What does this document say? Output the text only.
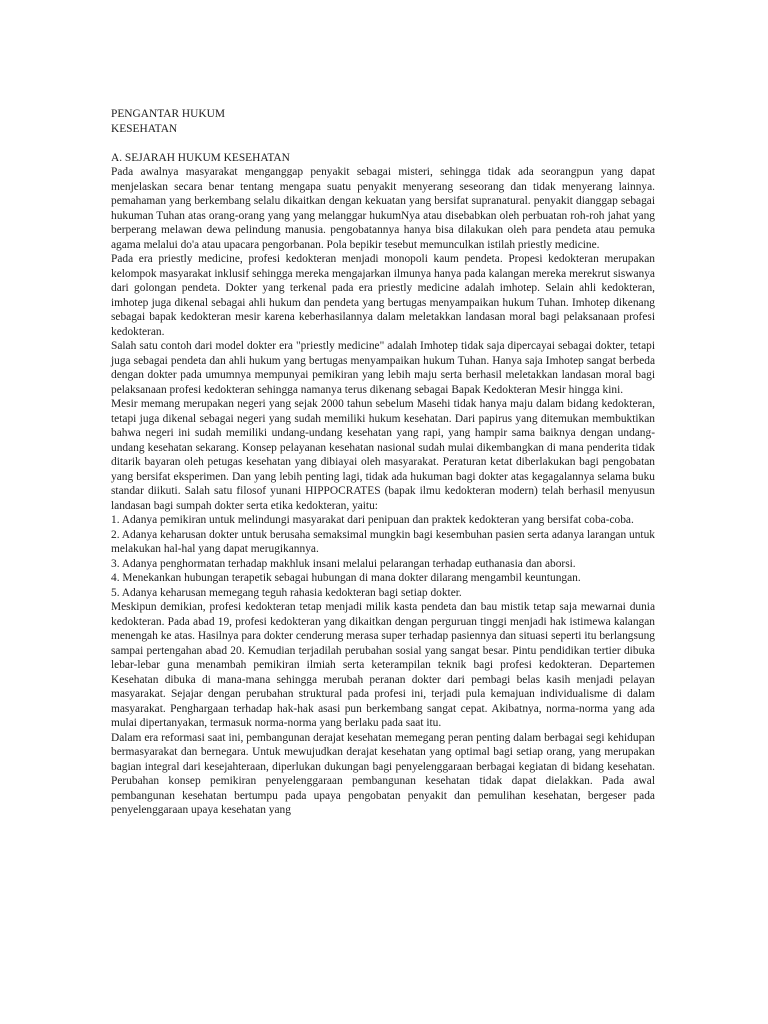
PENGANTAR HUKUM
KESEHATAN
A. SEJARAH HUKUM KESEHATAN

Pada awalnya masyarakat menganggap penyakit sebagai misteri, sehingga tidak ada seorangpun yang dapat menjelaskan secara benar tentang mengapa suatu penyakit menyerang seseorang dan tidak menyerang lainnya. pemahaman yang berkembang selalu dikaitkan dengan kekuatan yang bersifat supranatural. penyakit dianggap sebagai hukuman Tuhan atas orang-orang yang yang melanggar hukumNya atau disebabkan oleh perbuatan roh-roh jahat yang berperang melawan dewa pelindung manusia. pengobatannya hanya bisa dilakukan oleh para pendeta atau pemuka agama melalui do'a atau upacara pengorbanan. Pola bepikir tesebut memunculkan istilah priestly medicine.

Pada era priestly medicine, profesi kedokteran menjadi monopoli kaum pendeta. Propesi kedokteran merupakan kelompok masyarakat inklusif sehingga mereka mengajarkan ilmunya hanya pada kalangan mereka merekrut siswanya dari golongan pendeta. Dokter yang terkenal pada era priestly medicine adalah imhotep. Selain ahli kedokteran, imhotep juga dikenal sebagai ahli hukum dan pendeta yang bertugas menyampaikan hukum Tuhan. Imhotep dikenang sebagai bapak kedokteran mesir karena keberhasilannya dalam meletakkan landasan moral bagi pelaksanaan profesi kedokteran.

Salah satu contoh dari model dokter era "priestly medicine" adalah Imhotep tidak saja dipercayai sebagai dokter, tetapi juga sebagai pendeta dan ahli hukum yang bertugas menyampaikan hukum Tuhan. Hanya saja Imhotep sangat berbeda dengan dokter pada umumnya mempunyai pemikiran yang lebih maju serta berhasil meletakkan landasan moral bagi pelaksanaan profesi kedokteran sehingga namanya terus dikenang sebagai Bapak Kedokteran Mesir hingga kini.

Mesir memang merupakan negeri yang sejak 2000 tahun sebelum Masehi tidak hanya maju dalam bidang kedokteran, tetapi juga dikenal sebagai negeri yang sudah memiliki hukum kesehatan. Dari papirus yang ditemukan membuktikan bahwa negeri ini sudah memiliki undang-undang kesehatan yang rapi, yang hampir sama baiknya dengan undang-undang kesehatan sekarang. Konsep pelayanan kesehatan nasional sudah mulai dikembangkan di mana penderita tidak ditarik bayaran oleh petugas kesehatan yang dibiayai oleh masyarakat. Peraturan ketat diberlakukan bagi pengobatan yang bersifat eksperimen. Dan yang lebih penting lagi, tidak ada hukuman bagi dokter atas kegagalannya selama buku standar diikuti. Salah satu filosof yunani HIPPOCRATES (bapak ilmu kedokteran modern) telah berhasil menyusun landasan bagi sumpah dokter serta etika kedokteran, yaitu:

1. Adanya pemikiran untuk melindungi masyarakat dari penipuan dan praktek kedokteran yang bersifat coba-coba.

2. Adanya keharusan dokter untuk berusaha semaksimal mungkin bagi kesembuhan pasien serta adanya larangan untuk melakukan hal-hal yang dapat merugikannya.

3. Adanya penghormatan terhadap makhluk insani melalui pelarangan terhadap euthanasia dan aborsi.

4. Menekankan hubungan terapetik sebagai hubungan di mana dokter dilarang mengambil keuntungan.

5. Adanya keharusan memegang teguh rahasia kedokteran bagi setiap dokter.

Meskipun demikian, profesi kedokteran tetap menjadi milik kasta pendeta dan bau mistik tetap saja mewarnai dunia kedokteran. Pada abad 19, profesi kedokteran yang dikaitkan dengan perguruan tinggi menjadi hak istimewa kalangan menengah ke atas. Hasilnya para dokter cenderung merasa super terhadap pasiennya dan situasi seperti itu berlangsung sampai pertengahan abad 20. Kemudian terjadilah perubahan sosial yang sangat besar. Pintu pendidikan tertier dibuka lebar-lebar guna menambah pemikiran ilmiah serta keterampilan teknik bagi profesi kedokteran. Departemen Kesehatan dibuka di mana-mana sehingga merubah peranan dokter dari pembagi belas kasih menjadi pelayan masyarakat. Sejajar dengan perubahan struktural pada profesi ini, terjadi pula kemajuan individualisme di dalam masyarakat. Penghargaan terhadap hak-hak asasi pun berkembang sangat cepat. Akibatnya, norma-norma yang ada mulai dipertanyakan, termasuk norma-norma yang berlaku pada saat itu.

Dalam era reformasi saat ini, pembangunan derajat kesehatan memegang peran penting dalam berbagai segi kehidupan bermasyarakat dan bernegara. Untuk mewujudkan derajat kesehatan yang optimal bagi setiap orang, yang merupakan bagian integral dari kesejahteraan, diperlukan dukungan bagi penyelenggaraan berbagai kegiatan di bidang kesehatan. Perubahan konsep pemikiran penyelenggaraan pembangunan kesehatan tidak dapat dielakkan. Pada awal pembangunan kesehatan bertumpu pada upaya pengobatan penyakit dan pemulihan kesehatan, bergeser pada penyelenggaraan upaya kesehatan yang
